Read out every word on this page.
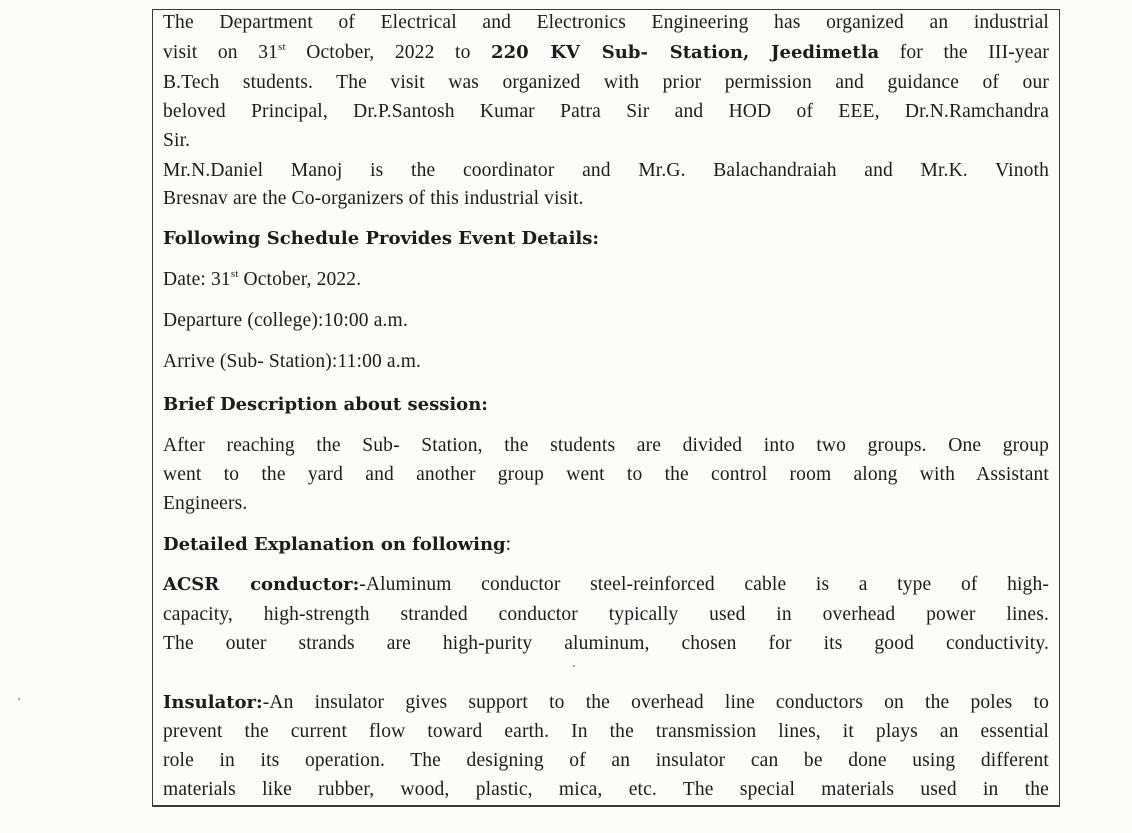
The Department of Electrical and Electronics Engineering has organized an industrial
visit on 31st October, 2022 to 220 KV Sub- Station, Jeedimetla for the III-year
B.Tech students. The visit was organized with prior permission and guidance of our
beloved Principal, Dr.P.Santosh Kumar Patra Sir and HOD of EEE, Dr.N.Ramchandra
Sir.
Mr.N.Daniel Manoj is the coordinator and Mr.G. Balachandraiah and Mr.K. Vinoth
Bresnav are the Co-organizers of this industrial visit.
Following Schedule Provides Event Details:
Date: 31st October, 2022.
Departure (college):10:00 a.m.
Arrive (Sub- Station):11:00 a.m.
Brief Description about session:
After reaching the Sub- Station, the students are divided into two groups. One group
went to the yard and another group went to the control room along with Assistant
Engineers.
Detailed Explanation on following:
ACSR conductor:-Aluminum conductor steel-reinforced cable is a type of high-
capacity, high-strength stranded conductor typically used in overhead power lines.
The outer strands are high-purity aluminum, chosen for its good conductivity.
Insulator:-An insulator gives support to the overhead line conductors on the poles to
prevent the current flow toward earth. In the transmission lines, it plays an essential
role in its operation. The designing of an insulator can be done using different
materials like rubber, wood, plastic, mica, etc. The special materials used in the
